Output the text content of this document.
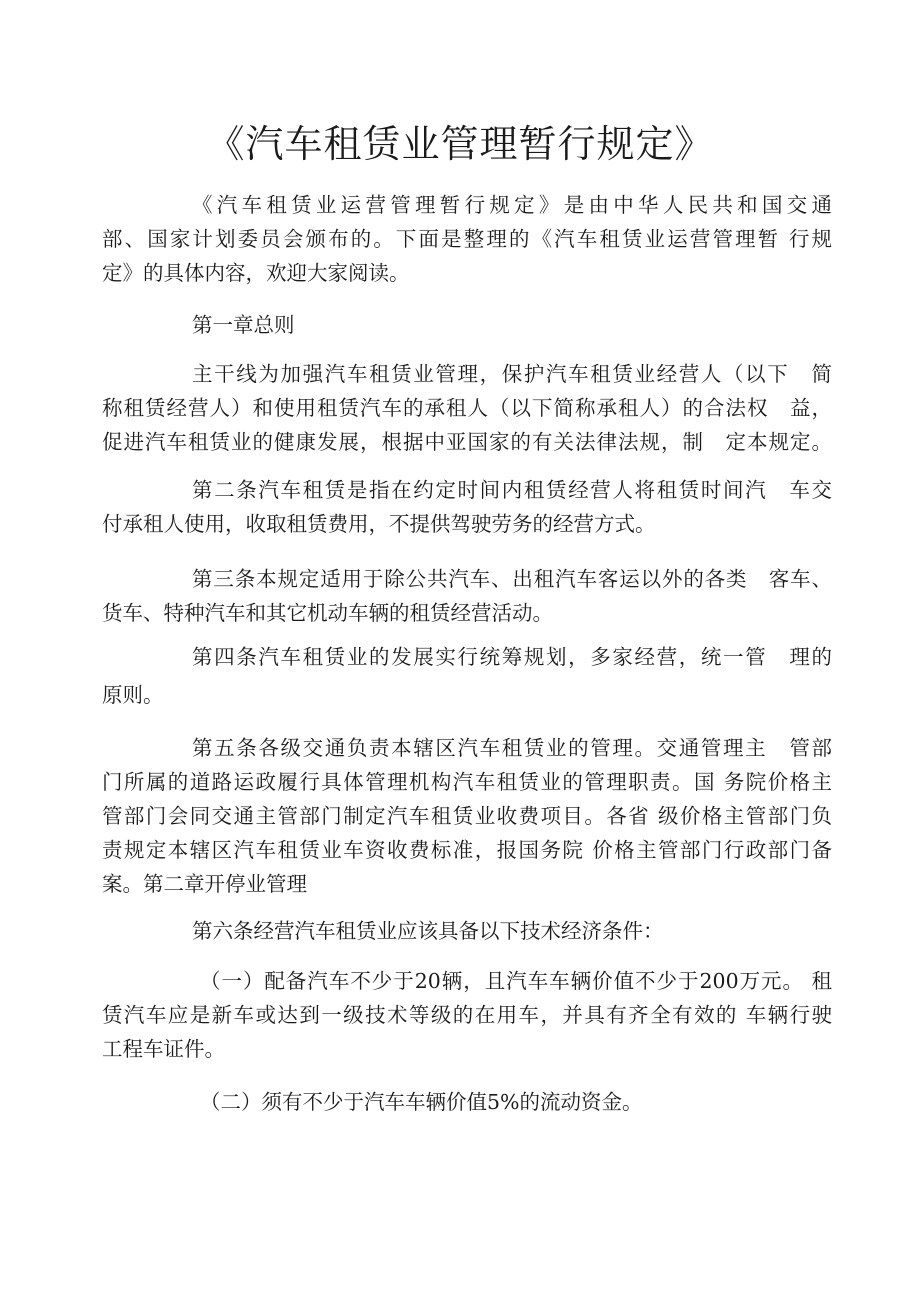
《汽车租赁业管理暂行规定》
《汽车租赁业运营管理暂行规定》是由中华人民共和国交通
部、国家计划委员会颁布的。下面是整理的《汽车租赁业运营管理暂 行规
定》的具体内容，欢迎大家阅读。
第一章总则
主干线为加强汽车租赁业管理，保护汽车租赁业经营人（以下　简
称租赁经营人）和使用租赁汽车的承租人（以下简称承租人）的合法权　益，
促进汽车租赁业的健康发展，根据中亚国家的有关法律法规，制　定本规定。
第二条汽车租赁是指在约定时间内租赁经营人将租赁时间汽　车交
付承租人使用，收取租赁费用，不提供驾驶劳务的经营方式。
第三条本规定适用于除公共汽车、出租汽车客运以外的各类　客车、
货车、特种汽车和其它机动车辆的租赁经营活动。
第四条汽车租赁业的发展实行统筹规划，多家经营，统一管　理的
原则。
第五条各级交通负责本辖区汽车租赁业的管理。交通管理主　管部
门所属的道路运政履行具体管理机构汽车租赁业的管理职责。国 务院价格主
管部门会同交通主管部门制定汽车租赁业收费项目。各省 级价格主管部门负
责规定本辖区汽车租赁业车资收费标准，报国务院 价格主管部门行政部门备
案。第二章开停业管理
第六条经营汽车租赁业应该具备以下技术经济条件：
（一）配备汽车不少于20辆，且汽车车辆价值不少于200万元。 租
赁汽车应是新车或达到一级技术等级的在用车，并具有齐全有效的 车辆行驶
工程车证件。
（二）须有不少于汽车车辆价值5%的流动资金。
